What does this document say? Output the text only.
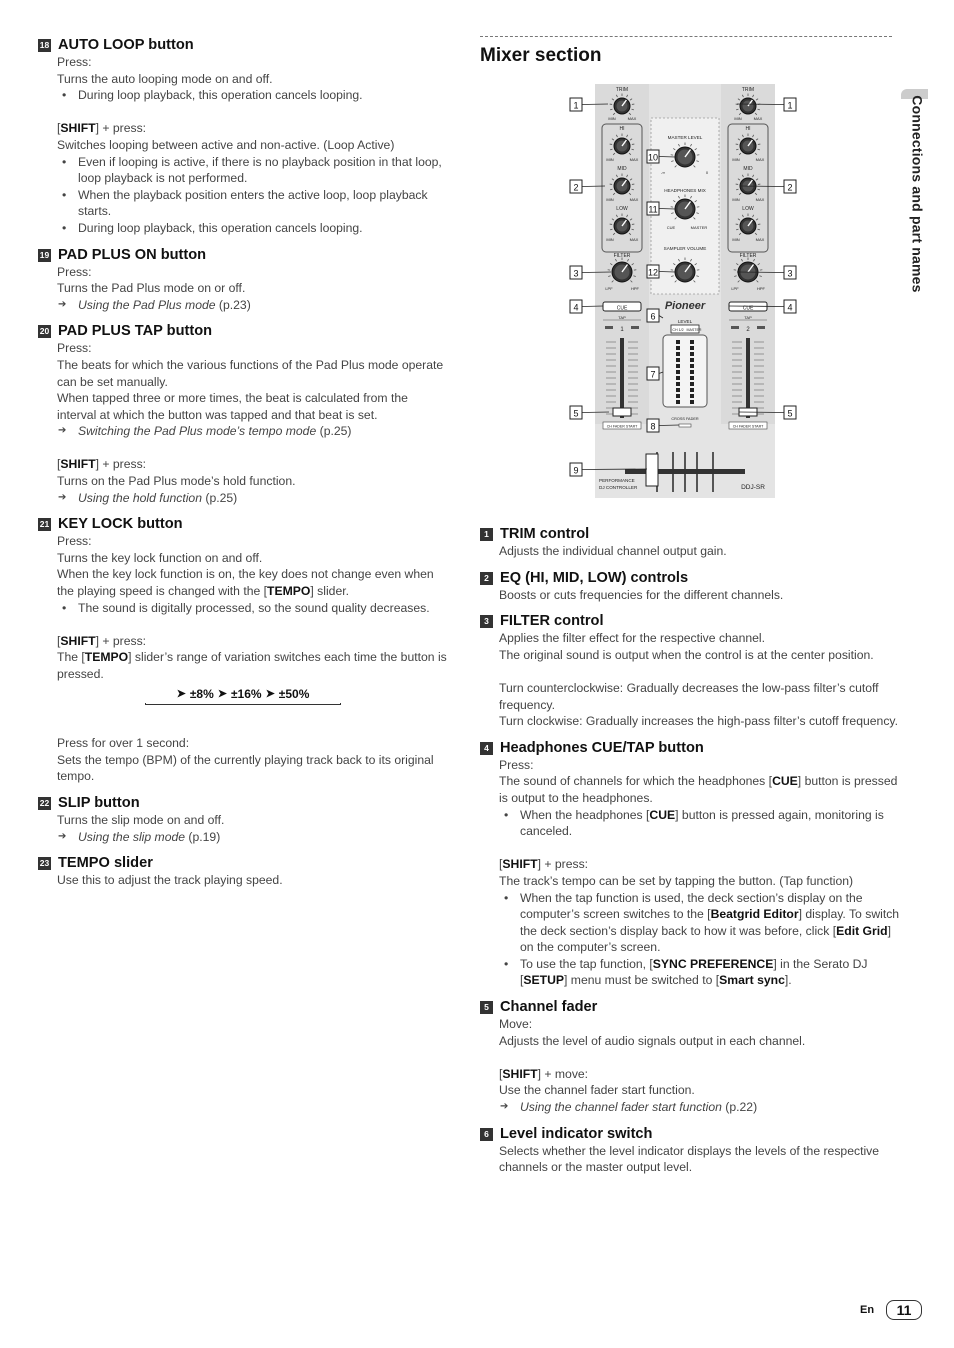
18 AUTO LOOP button
Press:
Turns the auto looping mode on and off.
• During loop playback, this operation cancels looping.
[SHIFT] + press:
Switches looping between active and non-active. (Loop Active)
• Even if looping is active, if there is no playback position in that loop, loop playback is not performed.
• When the playback position enters the active loop, loop playback starts.
• During loop playback, this operation cancels looping.
19 PAD PLUS ON button
Press:
Turns the Pad Plus mode on or off.
➔ Using the Pad Plus mode (p.23)
20 PAD PLUS TAP button
Press:
The beats for which the various functions of the Pad Plus mode operate can be set manually.
When tapped three or more times, the beat is calculated from the interval at which the button was tapped and that beat is set.
➔ Switching the Pad Plus mode’s tempo mode (p.25)
[SHIFT] + press:
Turns on the Pad Plus mode’s hold function.
➔ Using the hold function (p.25)
21 KEY LOCK button
Press:
Turns the key lock function on and off.
When the key lock function is on, the key does not change even when the playing speed is changed with the [TEMPO] slider.
• The sound is digitally processed, so the sound quality decreases.
[SHIFT] + press:
The [TEMPO] slider’s range of variation switches each time the button is pressed.
➤ ±8% ➤ ±16% ➤ ±50%
Press for over 1 second:
Sets the tempo (BPM) of the currently playing track back to its original tempo.
22 SLIP button
Turns the slip mode on and off.
➔ Using the slip mode (p.19)
23 TEMPO slider
Use this to adjust the track playing speed.
Mixer section
1 TRIM control
Adjusts the individual channel output gain.
2 EQ (HI, MID, LOW) controls
Boosts or cuts frequencies for the different channels.
3 FILTER control
Applies the filter effect for the respective channel.
The original sound is output when the control is at the center position.
Turn counterclockwise: Gradually decreases the low-pass filter’s cutoff frequency.
Turn clockwise: Gradually increases the high-pass filter’s cutoff frequency.
4 Headphones CUE/TAP button
Press:
The sound of channels for which the headphones [CUE] button is pressed is output to the headphones.
• When the headphones [CUE] button is pressed again, monitoring is canceled.
[SHIFT] + press:
The track’s tempo can be set by tapping the button. (Tap function)
• When the tap function is used, the deck section’s display on the computer’s screen switches to the [Beatgrid Editor] display. To switch the deck section’s display back to how it was before, click [Edit Grid] on the computer’s screen.
• To use the tap function, [SYNC PREFERENCE] in the Serato DJ [SETUP] menu must be switched to [Smart sync].
5 Channel fader
Move:
Adjusts the level of audio signals output in each channel.
[SHIFT] + move:
Use the channel fader start function.
➔ Using the channel fader start function (p.22)
6 Level indicator switch
Selects whether the level indicator displays the levels of the respective channels or the master output level.
TRIM
MIN	MAX
HI
MIN	MAX
MID
MIN	MAX
LOW
MIN	MAX
FILTER
LPF	HPF
CUE
TAP
1
CH FADER START
TRIM
MIN	MAX
HI
MIN	MAX
MID
MIN	MAX
LOW
MIN	MAX
FILTER
LPF	HPF
CUE
TAP
2
CH FADER START
MASTER LEVEL
-∞	0
HEADPHONES MIX
CUE	MASTER
SAMPLER VOLUME
Pioneer
LEVEL
CH 1/2 MASTER
CROSS FADER
PERFORMANCE
DJ CONTROLLER	DDJ-SR
1	1
2	2
3	3
4	4
5	5
6
7
8
9
10
11
12	Connections and part names
En	11
